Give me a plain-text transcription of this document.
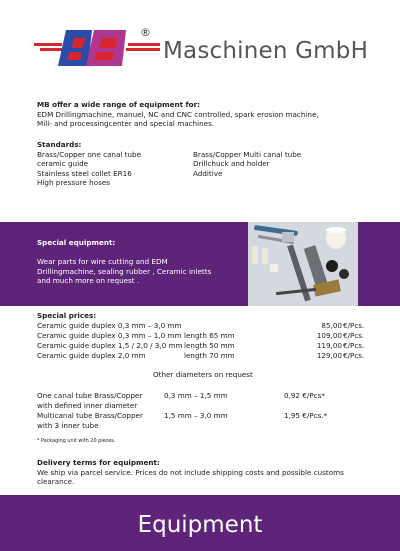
®
Maschinen GmbH
MB offer a wide range of equipment for:
EDM Drillingmachine, manuel, NC and CNC controlled, spark erosion machine,
Mill- and processingcenter and special machines.
Standards:
Brass/Copper one canal tube	Brass/Copper Multi canal tube
ceramic guide	Drillchuck and holder
Stainless steel collet ER16	Additive
High pressure hoses
Special equipment:
Wear parts for wire cutting and EDM
Drillingmachine, sealing rubber , Ceramic inletts
and much more on request .
Special prices:
Ceramic guide duplex 0,3 mm – 3,0 mm	85,00 €/Pcs.
Ceramic guide duplex 0,3 mm – 1,0 mm length 65 mm	109,00 €/Pcs.
Ceramic guide duplex 1,5 / 2,0 / 3,0 mm length 50 mm	119,00 €/Pcs.
Ceramic guide duplex 2,0 mm	length 70 mm	129,00 €/Pcs.
Other diameters on request
One canal tube Brass/Copper	0,3 mm – 1,5 mm	0,92 €/Pcs*
with defined inner diameter
Multicanal tube Brass/Copper	1,5 mm – 3,0 mm	1,95 €/Pcs.*
with 3 inner tube
* Packaging unit with 20 pieces.
Delivery terms for equipment:
We ship via parcel service. Prices do not include shipping costs and possible customs
clearance.
Equipment
